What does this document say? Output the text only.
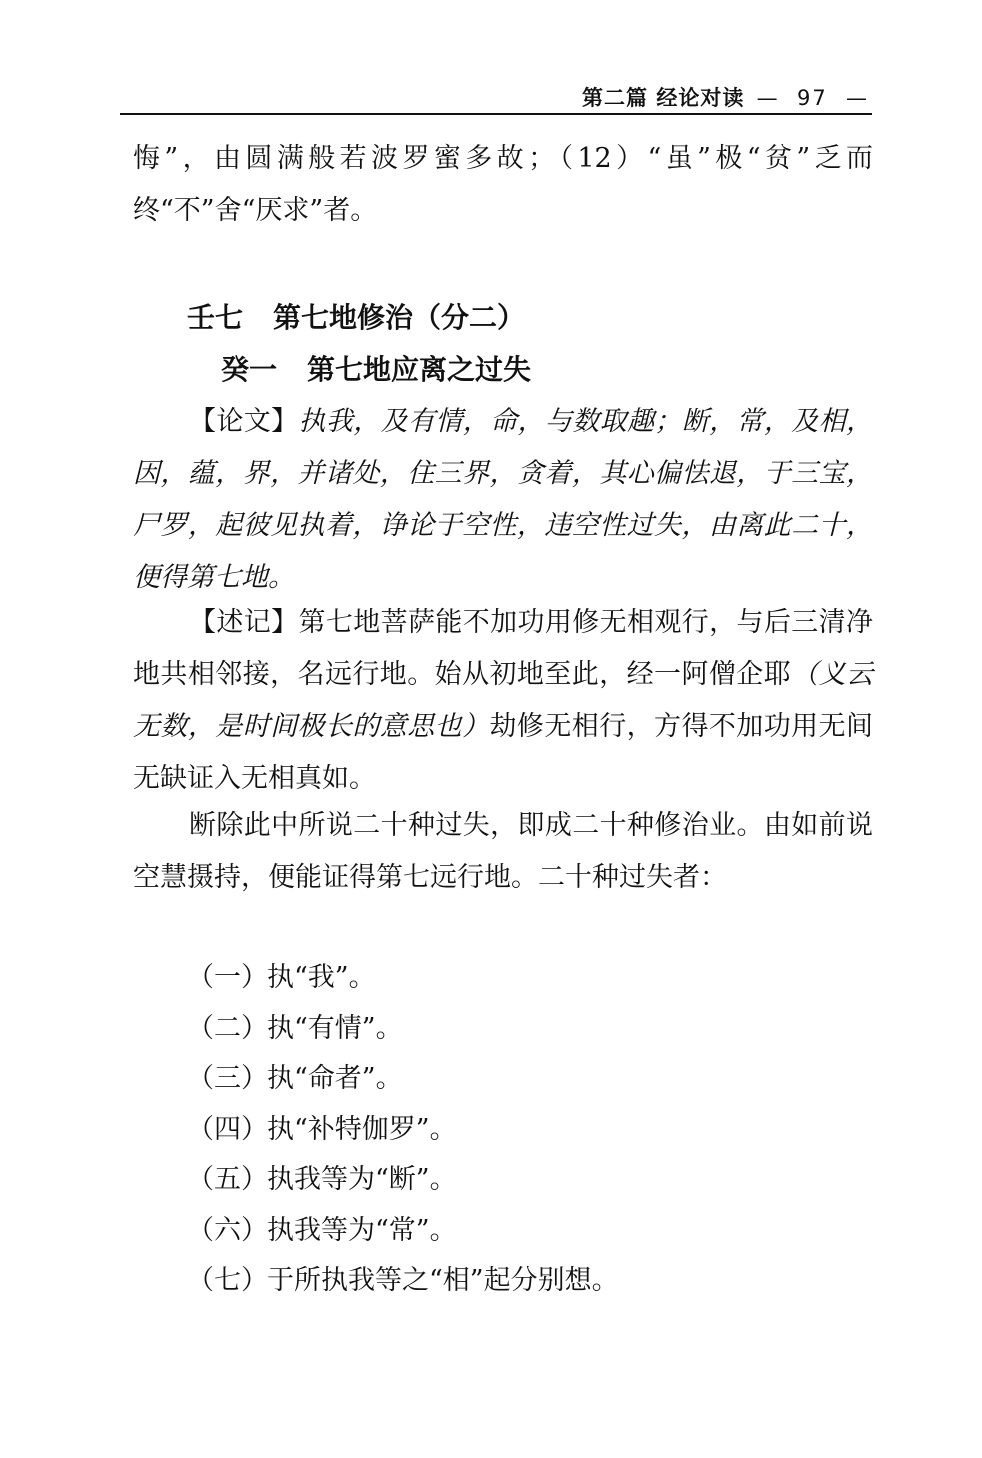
第二篇 经论对读 — 97 —

悔”，由圆满般若波罗蜜多故；（12）“虽”极“贫”乏而终“不”舍“厌求”者。

壬七 第七地修治（分二）
癸一 第七地应离之过失

【论文】执我，及有情，命，与数取趣；断，常，及相，因，蕴，界，并诸处，住三界，贪着，其心偏怯退，于三宝，尸罗，起彼见执着，诤论于空性，违空性过失，由离此二十，便得第七地。

【述记】第七地菩萨能不加功用修无相观行，与后三清净地共相邻接，名远行地。始从初地至此，经一阿僧企耶（义云无数，是时间极长的意思也）劫修无相行，方得不加功用无间无缺证入无相真如。

断除此中所说二十种过失，即成二十种修治业。由如前说空慧摄持，便能证得第七远行地。二十种过失者：

（一）执“我”。
（二）执“有情”。
（三）执“命者”。
（四）执“补特伽罗”。
（五）执我等为“断”。
（六）执我等为“常”。
（七）于所执我等之“相”起分别想。
